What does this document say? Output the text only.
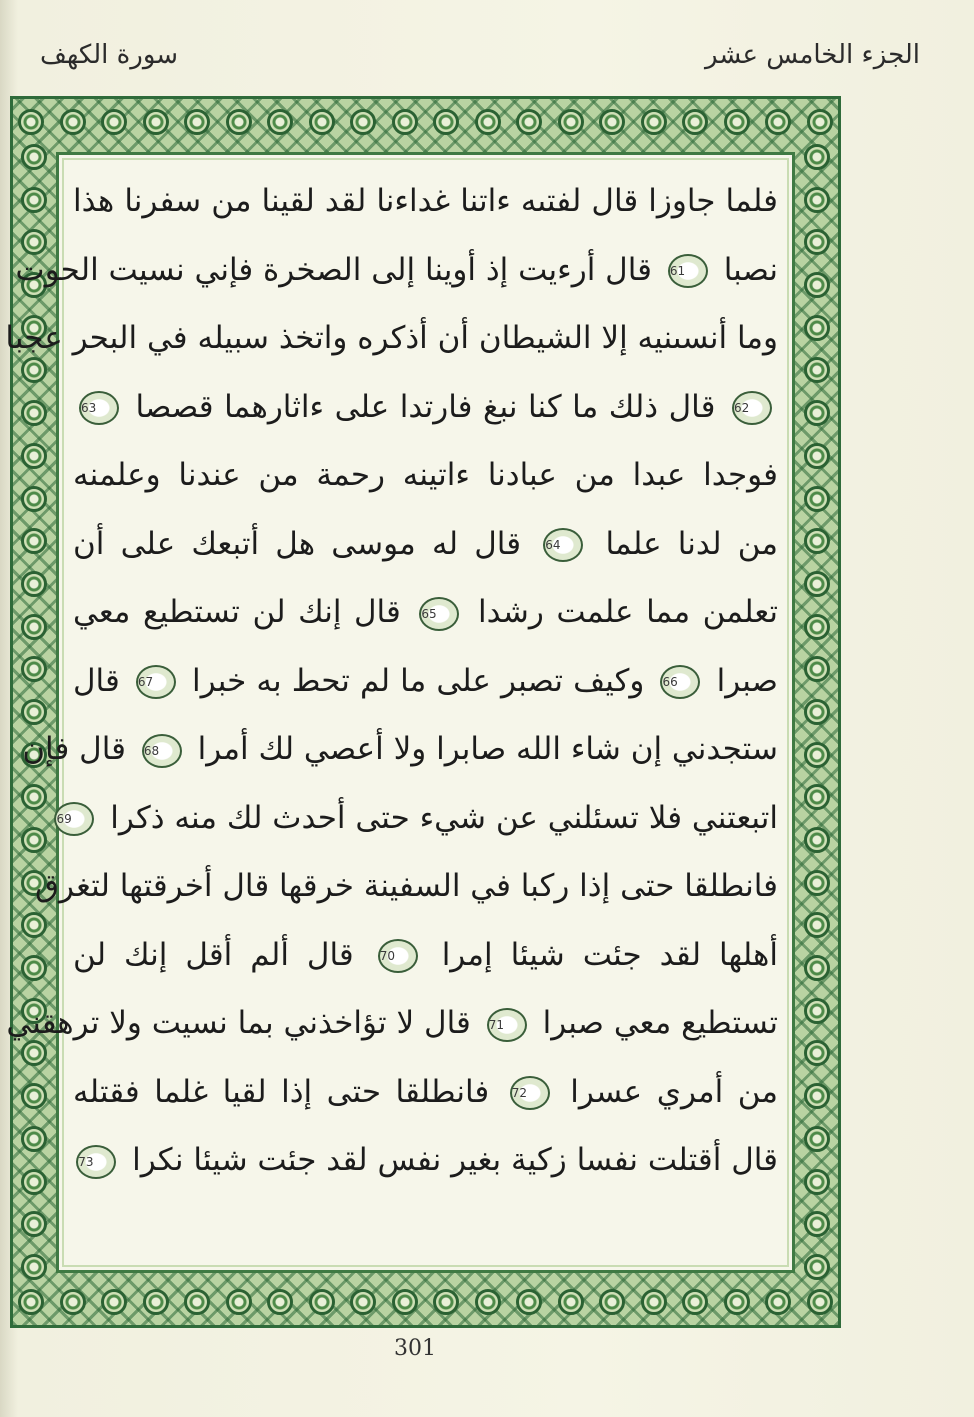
الجزء الخامس عشر
سورة الكهف
فلما جاوزا قال لفتىه ءاتنا غداءنا لقد لقينا من سفرنا هذا
نصبا 61 قال أرءيت إذ أوينا إلى الصخرة فإني نسيت الحوت
وما أنسىنيه إلا الشيطان أن أذكره واتخذ سبيله في البحر عجبا
62 قال ذلك ما كنا نبغ فارتدا على ءاثارهما قصصا 63
فوجدا عبدا من عبادنا ءاتينه رحمة من عندنا وعلمنه
من لدنا علما 64 قال له موسى هل أتبعك على أن
تعلمن مما علمت رشدا 65 قال إنك لن تستطيع معي
صبرا 66 وكيف تصبر على ما لم تحط به خبرا 67 قال
ستجدني إن شاء الله صابرا ولا أعصي لك أمرا 68 قال فإن
اتبعتني فلا تسئلني عن شيء حتى أحدث لك منه ذكرا 69
فانطلقا حتى إذا ركبا في السفينة خرقها قال أخرقتها لتغرق
أهلها لقد جئت شيئا إمرا 70 قال ألم أقل إنك لن
تستطيع معي صبرا 71 قال لا تؤاخذني بما نسيت ولا ترهقني
من أمري عسرا 72 فانطلقا حتى إذا لقيا غلما فقتله
قال أقتلت نفسا زكية بغير نفس لقد جئت شيئا نكرا 73
301
